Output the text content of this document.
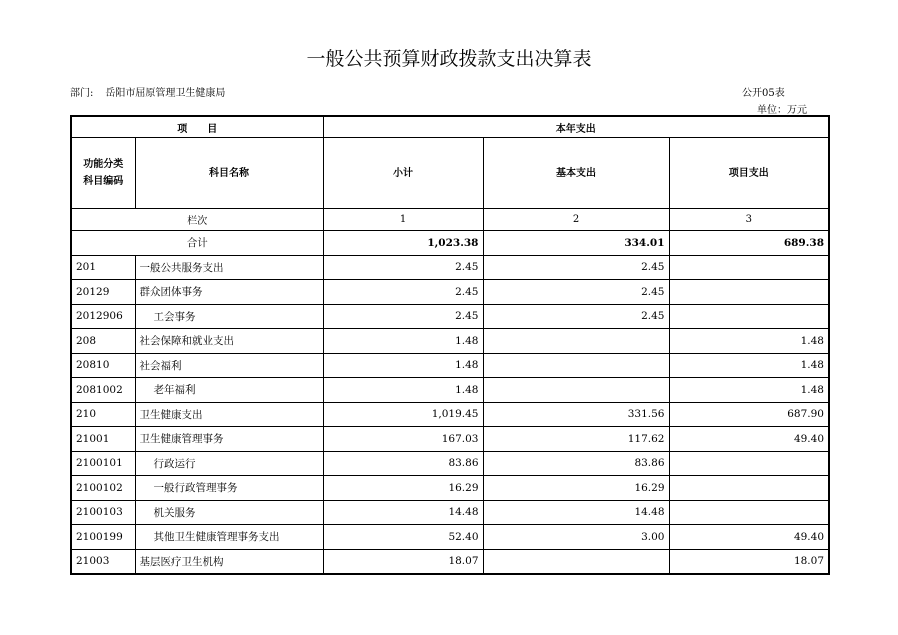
一般公共预算财政拨款支出决算表
部门: 岳阳市屈原管理卫生健康局	公开05表
单位：万元
项　　目		本年支出		
功能分类
科目编码	科目名称	小计	基本支出	项目支出
栏次		1	2	3
合计		1,023.38	334.01	689.38
201	一般公共服务支出	2.45	2.45	
20129	群众团体事务	2.45	2.45	
2012906	工会事务	2.45	2.45	
208	社会保障和就业支出	1.48		1.48
20810	社会福利	1.48		1.48
2081002	老年福利	1.48		1.48
210	卫生健康支出	1,019.45	331.56	687.90
21001	卫生健康管理事务	167.03	117.62	49.40
2100101	行政运行	83.86	83.86	
2100102	一般行政管理事务	16.29	16.29	
2100103	机关服务	14.48	14.48	
2100199	其他卫生健康管理事务支出	52.40	3.00	49.40
21003	基层医疗卫生机构	18.07		18.07
